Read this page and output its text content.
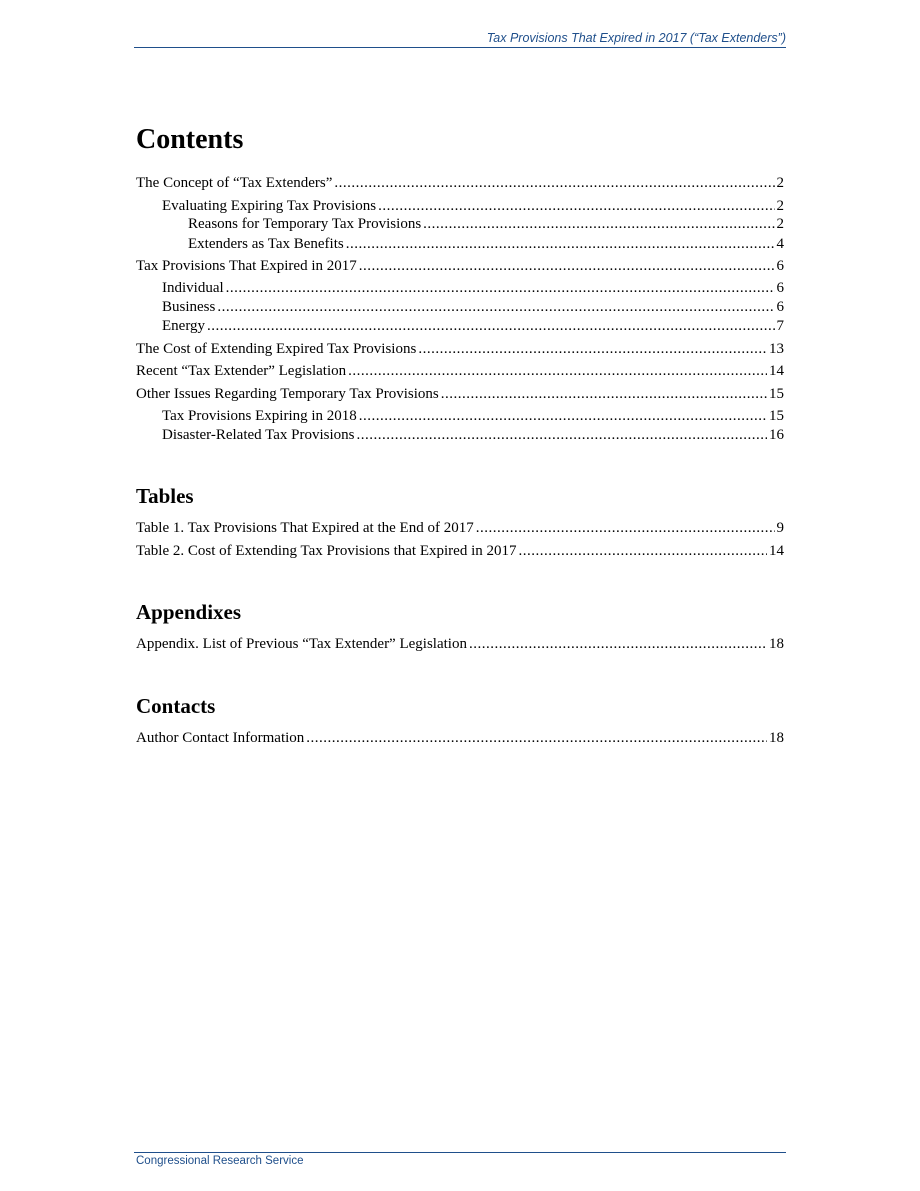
Tax Provisions That Expired in 2017 (“Tax Extenders”)
Contents
The Concept of “Tax Extenders” .....	2
Evaluating Expiring Tax Provisions .....	2
Reasons for Temporary Tax Provisions .....	2
Extenders as Tax Benefits .....	4
Tax Provisions That Expired in 2017 .....	6
Individual .....	6
Business .....	6
Energy .....	7
The Cost of Extending Expired Tax Provisions .....	13
Recent “Tax Extender” Legislation .....	14
Other Issues Regarding Temporary Tax Provisions .....	15
Tax Provisions Expiring in 2018 .....	15
Disaster-Related Tax Provisions .....	16
Tables
Table 1. Tax Provisions That Expired at the End of 2017 .....	9
Table 2. Cost of Extending Tax Provisions that Expired in 2017 .....	14
Appendixes
Appendix. List of Previous “Tax Extender” Legislation .....	18
Contacts
Author Contact Information .....	18
Congressional Research Service
